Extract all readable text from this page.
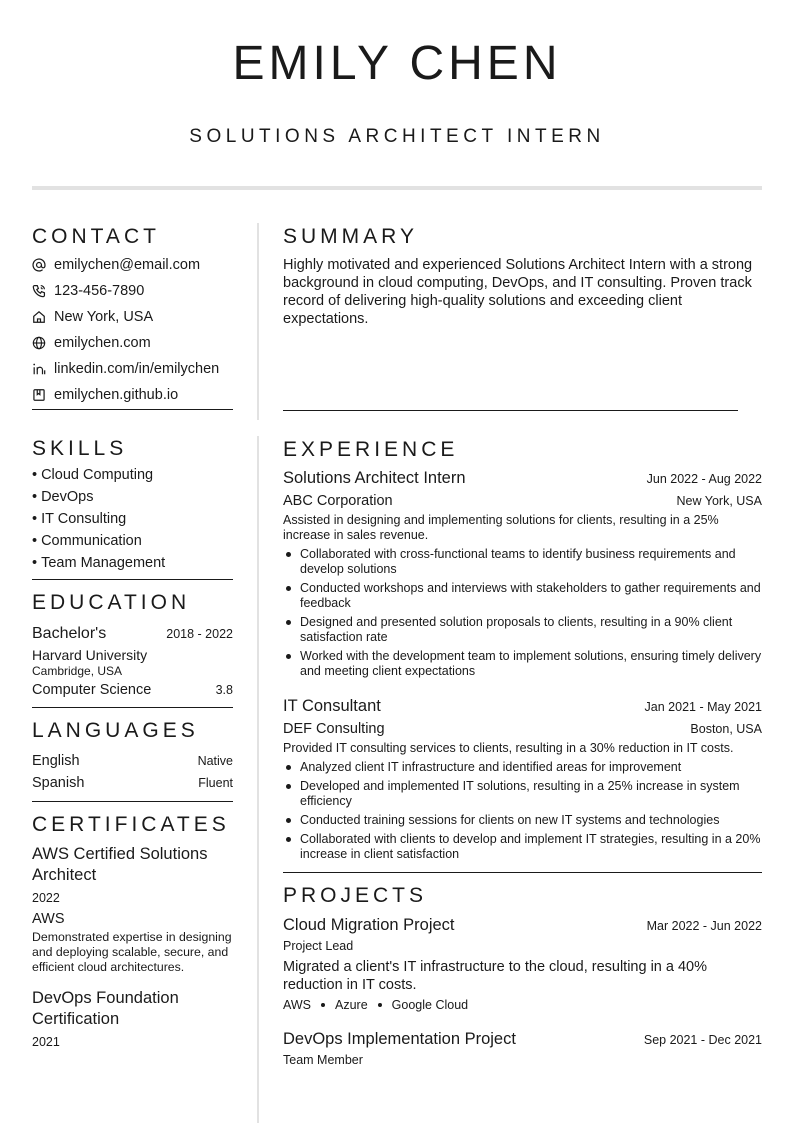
EMILY CHEN
SOLUTIONS ARCHITECT INTERN
CONTACT
emilychen@email.com
123-456-7890
New York, USA
emilychen.com
linkedin.com/in/emilychen
emilychen.github.io
SKILLS
• Cloud Computing
• DevOps
• IT Consulting
• Communication
• Team Management
EDUCATION
Bachelor's	2018 - 2022
Harvard University
Cambridge, USA
Computer Science	3.8
LANGUAGES
English	Native
Spanish	Fluent
CERTIFICATES
AWS Certified Solutions Architect
2022
AWS
Demonstrated expertise in designing and deploying scalable, secure, and efficient cloud architectures.
DevOps Foundation Certification
2021
SUMMARY
Highly motivated and experienced Solutions Architect Intern with a strong background in cloud computing, DevOps, and IT consulting. Proven track record of delivering high-quality solutions and exceeding client expectations.
EXPERIENCE
Solutions Architect Intern	Jun 2022 - Aug 2022
ABC Corporation	New York, USA
Assisted in designing and implementing solutions for clients, resulting in a 25% increase in sales revenue.
Collaborated with cross-functional teams to identify business requirements and develop solutions
Conducted workshops and interviews with stakeholders to gather requirements and feedback
Designed and presented solution proposals to clients, resulting in a 90% client satisfaction rate
Worked with the development team to implement solutions, ensuring timely delivery and meeting client expectations
IT Consultant	Jan 2021 - May 2021
DEF Consulting	Boston, USA
Provided IT consulting services to clients, resulting in a 30% reduction in IT costs.
Analyzed client IT infrastructure and identified areas for improvement
Developed and implemented IT solutions, resulting in a 25% increase in system efficiency
Conducted training sessions for clients on new IT systems and technologies
Collaborated with clients to develop and implement IT strategies, resulting in a 20% increase in client satisfaction
PROJECTS
Cloud Migration Project	Mar 2022 - Jun 2022
Project Lead
Migrated a client's IT infrastructure to the cloud, resulting in a 40% reduction in IT costs.
AWS Azure Google Cloud
DevOps Implementation Project	Sep 2021 - Dec 2021
Team Member
